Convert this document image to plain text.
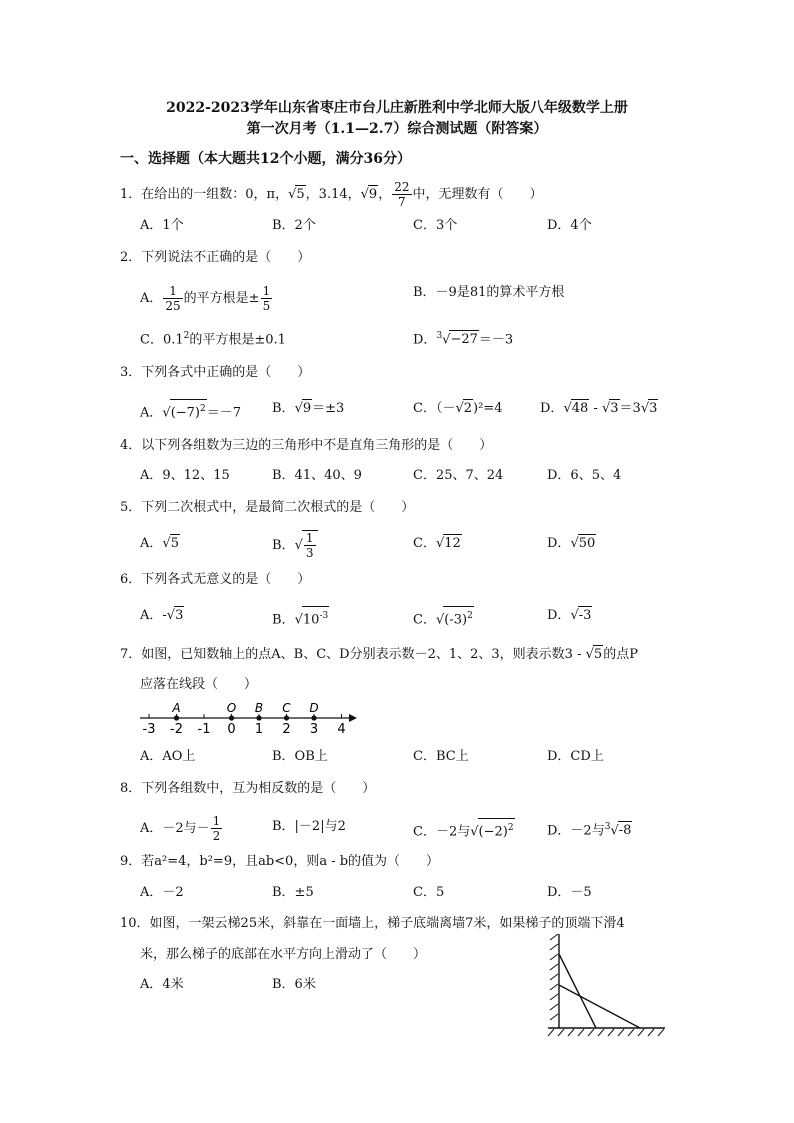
2022-2023学年山东省枣庄市台儿庄新胜利中学北师大版八年级数学上册
第一次月考（1.1—2.7）综合测试题（附答案）
一、选择题（本大题共12个小题，满分36分）
1．在给出的一组数：0，π，√5，3.14，√9， $\frac{22}{7}$ 中，无理数有（　　）
A．1个	B．2个	C．3个	D．4个
2．下列说法不正确的是（　　）
A． $\frac{1}{25}$ 的平方根是± $\frac{1}{5}$	B．－9是81的算术平方根
C．$0.1^2$的平方根是±0.1	D．$^3$√−27＝－3
3．下列各式中正确的是（　　）
A．$√(-7)^2=-7$ B．√9＝±3	C．（－√2)²=4	D．√48 - √3＝3√3
4．以下列各组数为三边的三角形中不是直角三角形的是（　　）
A．9、12、15	B．41、40、9	C．25、7、24	D．6、5、4
5．下列二次根式中，是最简二次根式的是（　　）
A．√5	B．√ $\frac{1}{3}$	C．√12	D．√50
6．下列各式无意义的是（　　）
A．-√3	B．$√10^{-3}$	C．$√(-3)^2$	D．√-3
7．如图，已知数轴上的点A、B、C、D分别表示数－2、1、2、3，则表示数3 - √5的点P
应落在线段（　　）
-3 -2 -1 0 1 2 3 4
A	O B C D
A．AO上	B．OB上	C．BC上	D．CD上
8．下列各组数中，互为相反数的是（　　）
A．－2与－ $\frac{1}{2}$	B．|－2|与2	C．－2与$√(-2)^2$	D．－2与$^3$√-8
9．若a²=4，b²=9，且ab<0，则a - b的值为（　　）
A．－2	B．±5	C．5	D．－5
10．如图，一架云梯25米，斜靠在一面墙上，梯子底端离墙7米，如果梯子的顶端下滑4
米，那么梯子的底部在水平方向上滑动了（　　）
A．4米	B．6米
